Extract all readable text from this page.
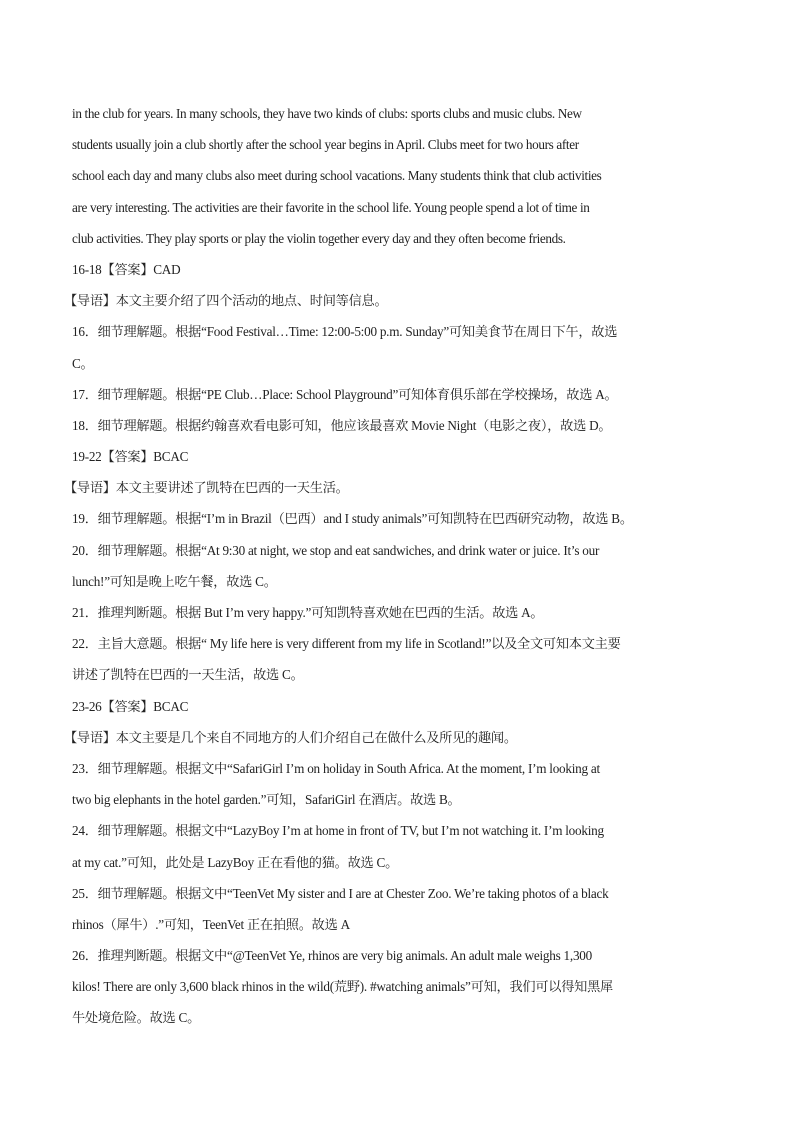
in the club for years. In many schools, they have two kinds of clubs: sports clubs and music clubs. New
students usually join a club shortly after the school year begins in April. Clubs meet for two hours after
school each day and many clubs also meet during school vacations. Many students think that club activities
are very interesting. The activities are their favorite in the school life. Young people spend a lot of time in
club activities. They play sports or play the violin together every day and they often become friends.
16-18【答案】CAD
【导语】本文主要介绍了四个活动的地点、时间等信息。
16．细节理解题。根据“Food Festival…Time: 12:00-5:00 p.m. Sunday”可知美食节在周日下午，故选
C。
17．细节理解题。根据“PE Club…Place: School Playground”可知体育俱乐部在学校操场，故选 A。
18．细节理解题。根据约翰喜欢看电影可知，他应该最喜欢 Movie Night（电影之夜），故选 D。
19-22【答案】BCAC
【导语】本文主要讲述了凯特在巴西的一天生活。
19．细节理解题。根据“I’m in Brazil（巴西）and I study animals”可知凯特在巴西研究动物，故选 B。
20．细节理解题。根据“At 9:30 at night, we stop and eat sandwiches, and drink water or juice. It’s our
lunch!”可知是晚上吃午餐，故选 C。
21．推理判断题。根据 But I’m very happy.”可知凯特喜欢她在巴西的生活。故选 A。
22．主旨大意题。根据“ My life here is very different from my life in Scotland!”以及全文可知本文主要
讲述了凯特在巴西的一天生活，故选 C。
23-26【答案】BCAC
【导语】本文主要是几个来自不同地方的人们介绍自己在做什么及所见的趣闻。
23．细节理解题。根据文中“SafariGirl I’m on holiday in South Africa. At the moment, I’m looking at
two big elephants in the hotel garden.”可知，SafariGirl 在酒店。故选 B。
24．细节理解题。根据文中“LazyBoy I’m at home in front of TV, but I’m not watching it. I’m looking
at my cat.”可知，此处是 LazyBoy 正在看他的猫。故选 C。
25．细节理解题。根据文中“TeenVet My sister and I are at Chester Zoo. We’re taking photos of a black
rhinos（犀牛）.”可知，TeenVet 正在拍照。故选 A
26．推理判断题。根据文中“@TeenVet Ye, rhinos are very big animals. An adult male weighs 1,300
kilos! There are only 3,600 black rhinos in the wild(荒野). #watching animals”可知，我们可以得知黑犀
牛处境危险。故选 C。
